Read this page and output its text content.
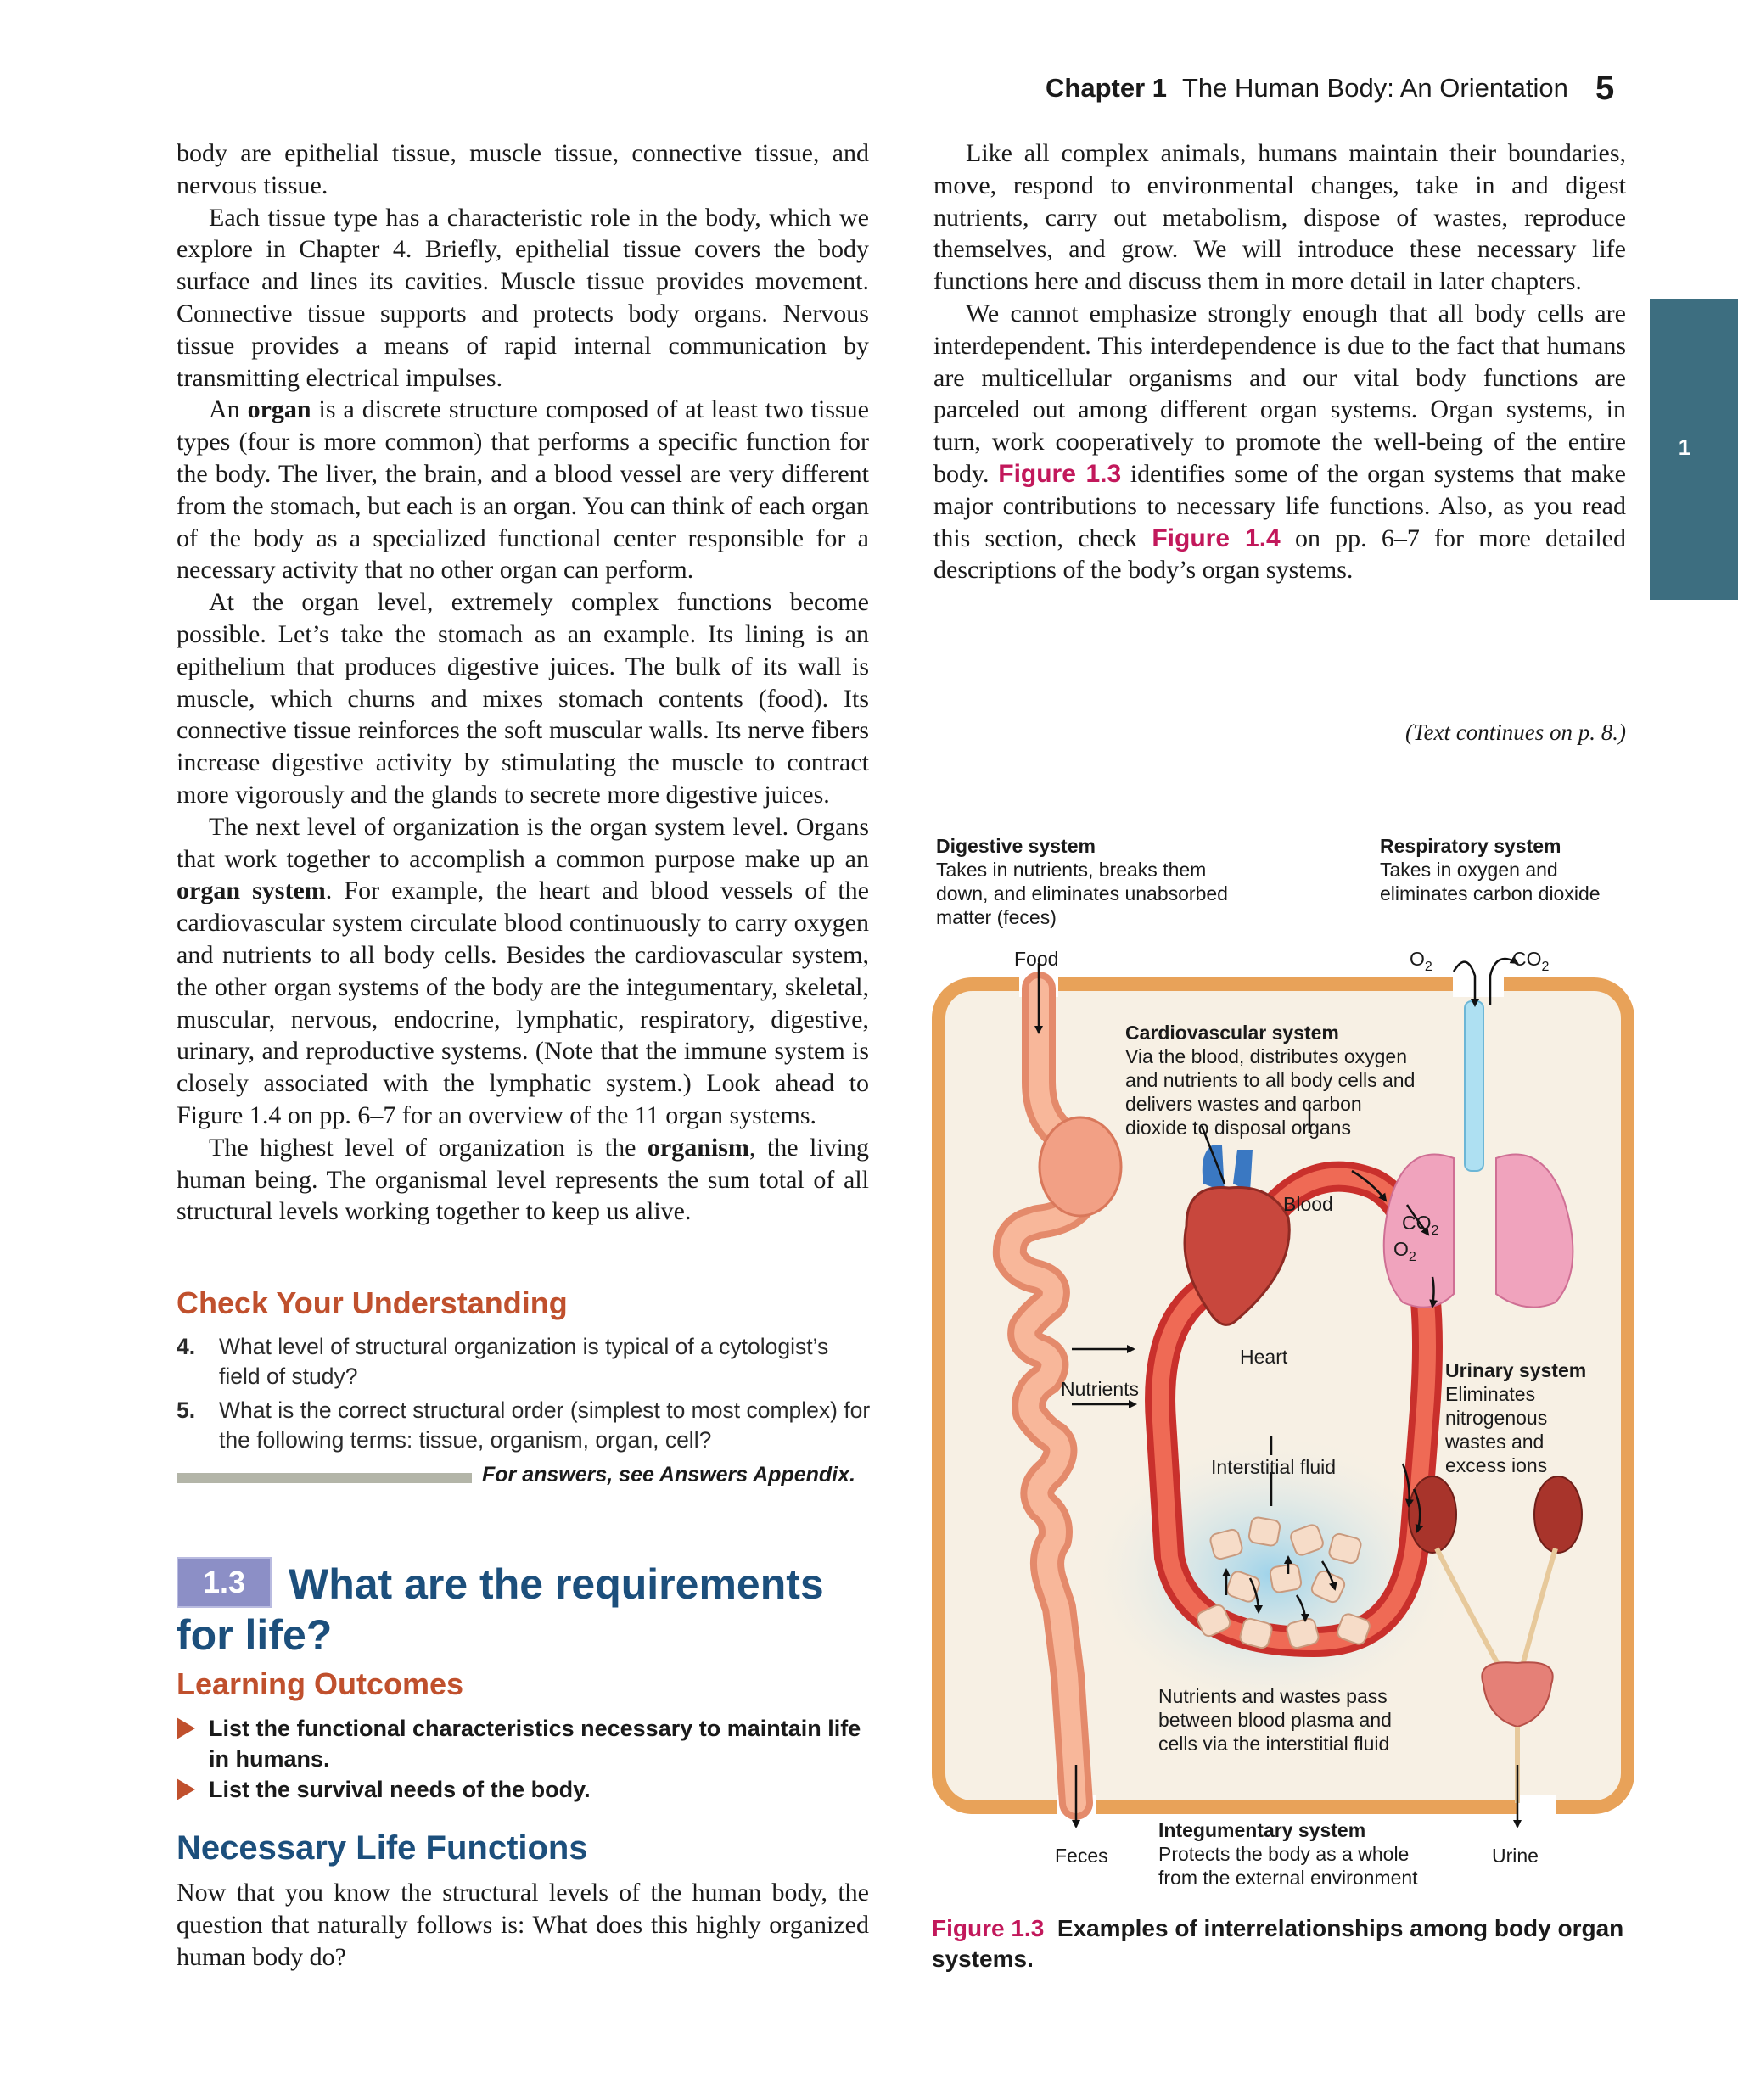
Chapter 1 The Human Body: An Orientation 5
1

body are epithelial tissue, muscle tissue, connective tissue, and nervous tissue.

Each tissue type has a characteristic role in the body, which we explore in Chapter 4. Briefly, epithelial tissue covers the body surface and lines its cavities. Muscle tissue provides movement. Connective tissue supports and protects body organs. Nervous tissue provides a means of rapid internal communication by transmitting electrical impulses.

An organ is a discrete structure composed of at least two tissue types (four is more common) that performs a specific function for the body. The liver, the brain, and a blood vessel are very different from the stomach, but each is an organ. You can think of each organ of the body as a specialized functional center responsible for a necessary activity that no other organ can perform.

At the organ level, extremely complex functions become possible. Let’s take the stomach as an example. Its lining is an epithelium that produces digestive juices. The bulk of its wall is muscle, which churns and mixes stomach contents (food). Its connective tissue reinforces the soft muscular walls. Its nerve fibers increase digestive activity by stimulating the muscle to contract more vigorously and the glands to secrete more digestive juices.

The next level of organization is the organ system level. Organs that work together to accomplish a common purpose make up an organ system. For example, the heart and blood vessels of the cardiovascular system circulate blood continuously to carry oxygen and nutrients to all body cells. Besides the cardiovascular system, the other organ systems of the body are the integumentary, skeletal, muscular, nervous, endocrine, lymphatic, respiratory, digestive, urinary, and reproductive systems. (Note that the immune system is closely associated with the lymphatic system.) Look ahead to Figure 1.4 on pp. 6–7 for an overview of the 11 organ systems.

The highest level of organization is the organism, the living human being. The organismal level represents the sum total of all structural levels working together to keep us alive.

Like all complex animals, humans maintain their boundaries, move, respond to environmental changes, take in and digest nutrients, carry out metabolism, dispose of wastes, reproduce themselves, and grow. We will introduce these necessary life functions here and discuss them in more detail in later chapters.

We cannot emphasize strongly enough that all body cells are interdependent. This interdependence is due to the fact that humans are multicellular organisms and our vital body functions are parceled out among different organ systems. Organ systems, in turn, work cooperatively to promote the well-being of the entire body. Figure 1.3 identifies some of the organ systems that make major contributions to necessary life functions. Also, as you read this section, check Figure 1.4 on pp. 6–7 for more detailed descriptions of the body’s organ systems.

(Text continues on p. 8.)
Check Your Understanding
4. What level of structural organization is typical of a cytologist’s field of study?
5. What is the correct structural order (simplest to most complex) for the following terms: tissue, organism, organ, cell?
For answers, see Answers Appendix.
1.3	What are the requirements
for life?
Learning Outcomes
List the functional characteristics necessary to maintain life in humans.
List the survival needs of the body.
Necessary Life Functions
Now that you know the structural levels of the human body, the question that naturally follows is: What does this highly organized human body do?
Digestive system
Takes in nutrients, breaks them
down, and eliminates unabsorbed
matter (feces)
Respiratory system
Takes in oxygen and
eliminates carbon dioxide
Food	$O_2$	$CO_2$
Cardiovascular system
Via the blood, distributes oxygen
and nutrients to all body cells and
delivers wastes and carbon
dioxide to disposal organs
Blood
$CO_2$
$O_2$
Heart
Nutrients
Interstitial fluid
Urinary system
Eliminates
nitrogenous
wastes and
excess ions
Nutrients and wastes pass
between blood plasma and
cells via the interstitial fluid
Integumentary system
Protects the body as a whole
from the external environment
Feces	Urine
Figure 1.3 Examples of interrelationships among body organ systems.
